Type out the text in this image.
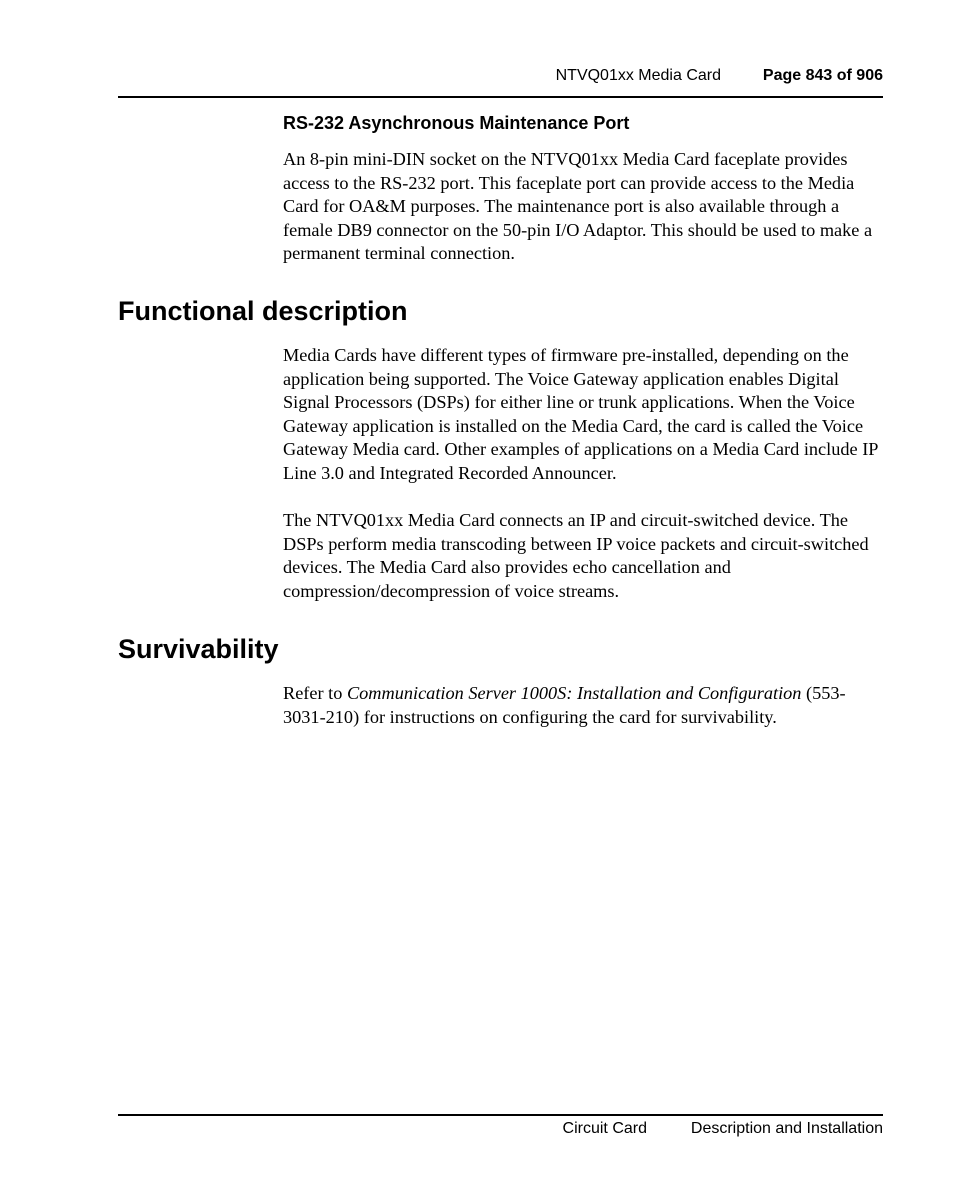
NTVQ01xx Media Card	Page 843 of 906
RS-232 Asynchronous Maintenance Port

An 8-pin mini-DIN socket on the NTVQ01xx Media Card faceplate provides access to the RS-232 port. This faceplate port can provide access to the Media Card for OA&M purposes. The maintenance port is also available through a female DB9 connector on the 50-pin I/O Adaptor. This should be used to make a permanent terminal connection.

Functional description

Media Cards have different types of firmware pre-installed, depending on the application being supported. The Voice Gateway application enables Digital Signal Processors (DSPs) for either line or trunk applications. When the Voice Gateway application is installed on the Media Card, the card is called the Voice Gateway Media card. Other examples of applications on a Media Card include IP Line 3.0 and Integrated Recorded Announcer.

The NTVQ01xx Media Card connects an IP and circuit-switched device. The DSPs perform media transcoding between IP voice packets and circuit-switched devices. The Media Card also provides echo cancellation and compression/decompression of voice streams.

Survivability

Refer to Communication Server 1000S: Installation and Configuration (553-3031-210) for instructions on configuring the card for survivability.

Circuit Card	Description and Installation
